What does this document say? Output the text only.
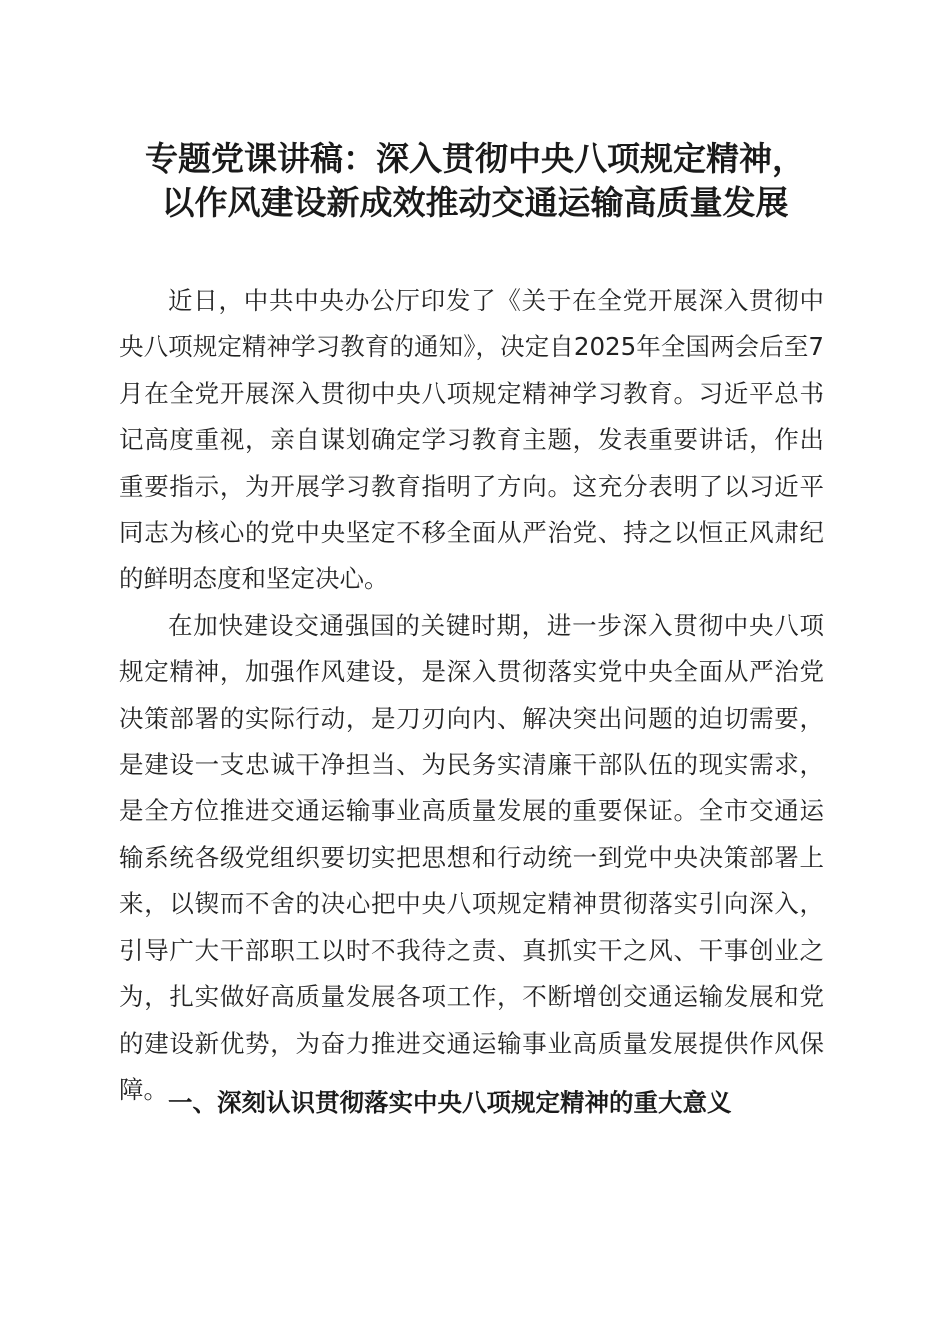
专题党课讲稿：深入贯彻中央八项规定精神，
以作风建设新成效推动交通运输高质量发展

近日，中共中央办公厅印发了《关于在全党开展深入贯彻中央八项规定精神学习教育的通知》，决定自2025年全国两会后至7月在全党开展深入贯彻中央八项规定精神学习教育。习近平总书记高度重视，亲自谋划确定学习教育主题，发表重要讲话，作出重要指示，为开展学习教育指明了方向。这充分表明了以习近平同志为核心的党中央坚定不移全面从严治党、持之以恒正风肃纪的鲜明态度和坚定决心。

在加快建设交通强国的关键时期，进一步深入贯彻中央八项规定精神，加强作风建设，是深入贯彻落实党中央全面从严治党决策部署的实际行动，是刀刃向内、解决突出问题的迫切需要，是建设一支忠诚干净担当、为民务实清廉干部队伍的现实需求，是全方位推进交通运输事业高质量发展的重要保证。全市交通运输系统各级党组织要切实把思想和行动统一到党中央决策部署上来，以锲而不舍的决心把中央八项规定精神贯彻落实引向深入，引导广大干部职工以时不我待之责、真抓实干之风、干事创业之为，扎实做好高质量发展各项工作，不断增创交通运输发展和党的建设新优势，为奋力推进交通运输事业高质量发展提供作风保障。 一、深刻认识贯彻落实中央八项规定精神的重大意义
